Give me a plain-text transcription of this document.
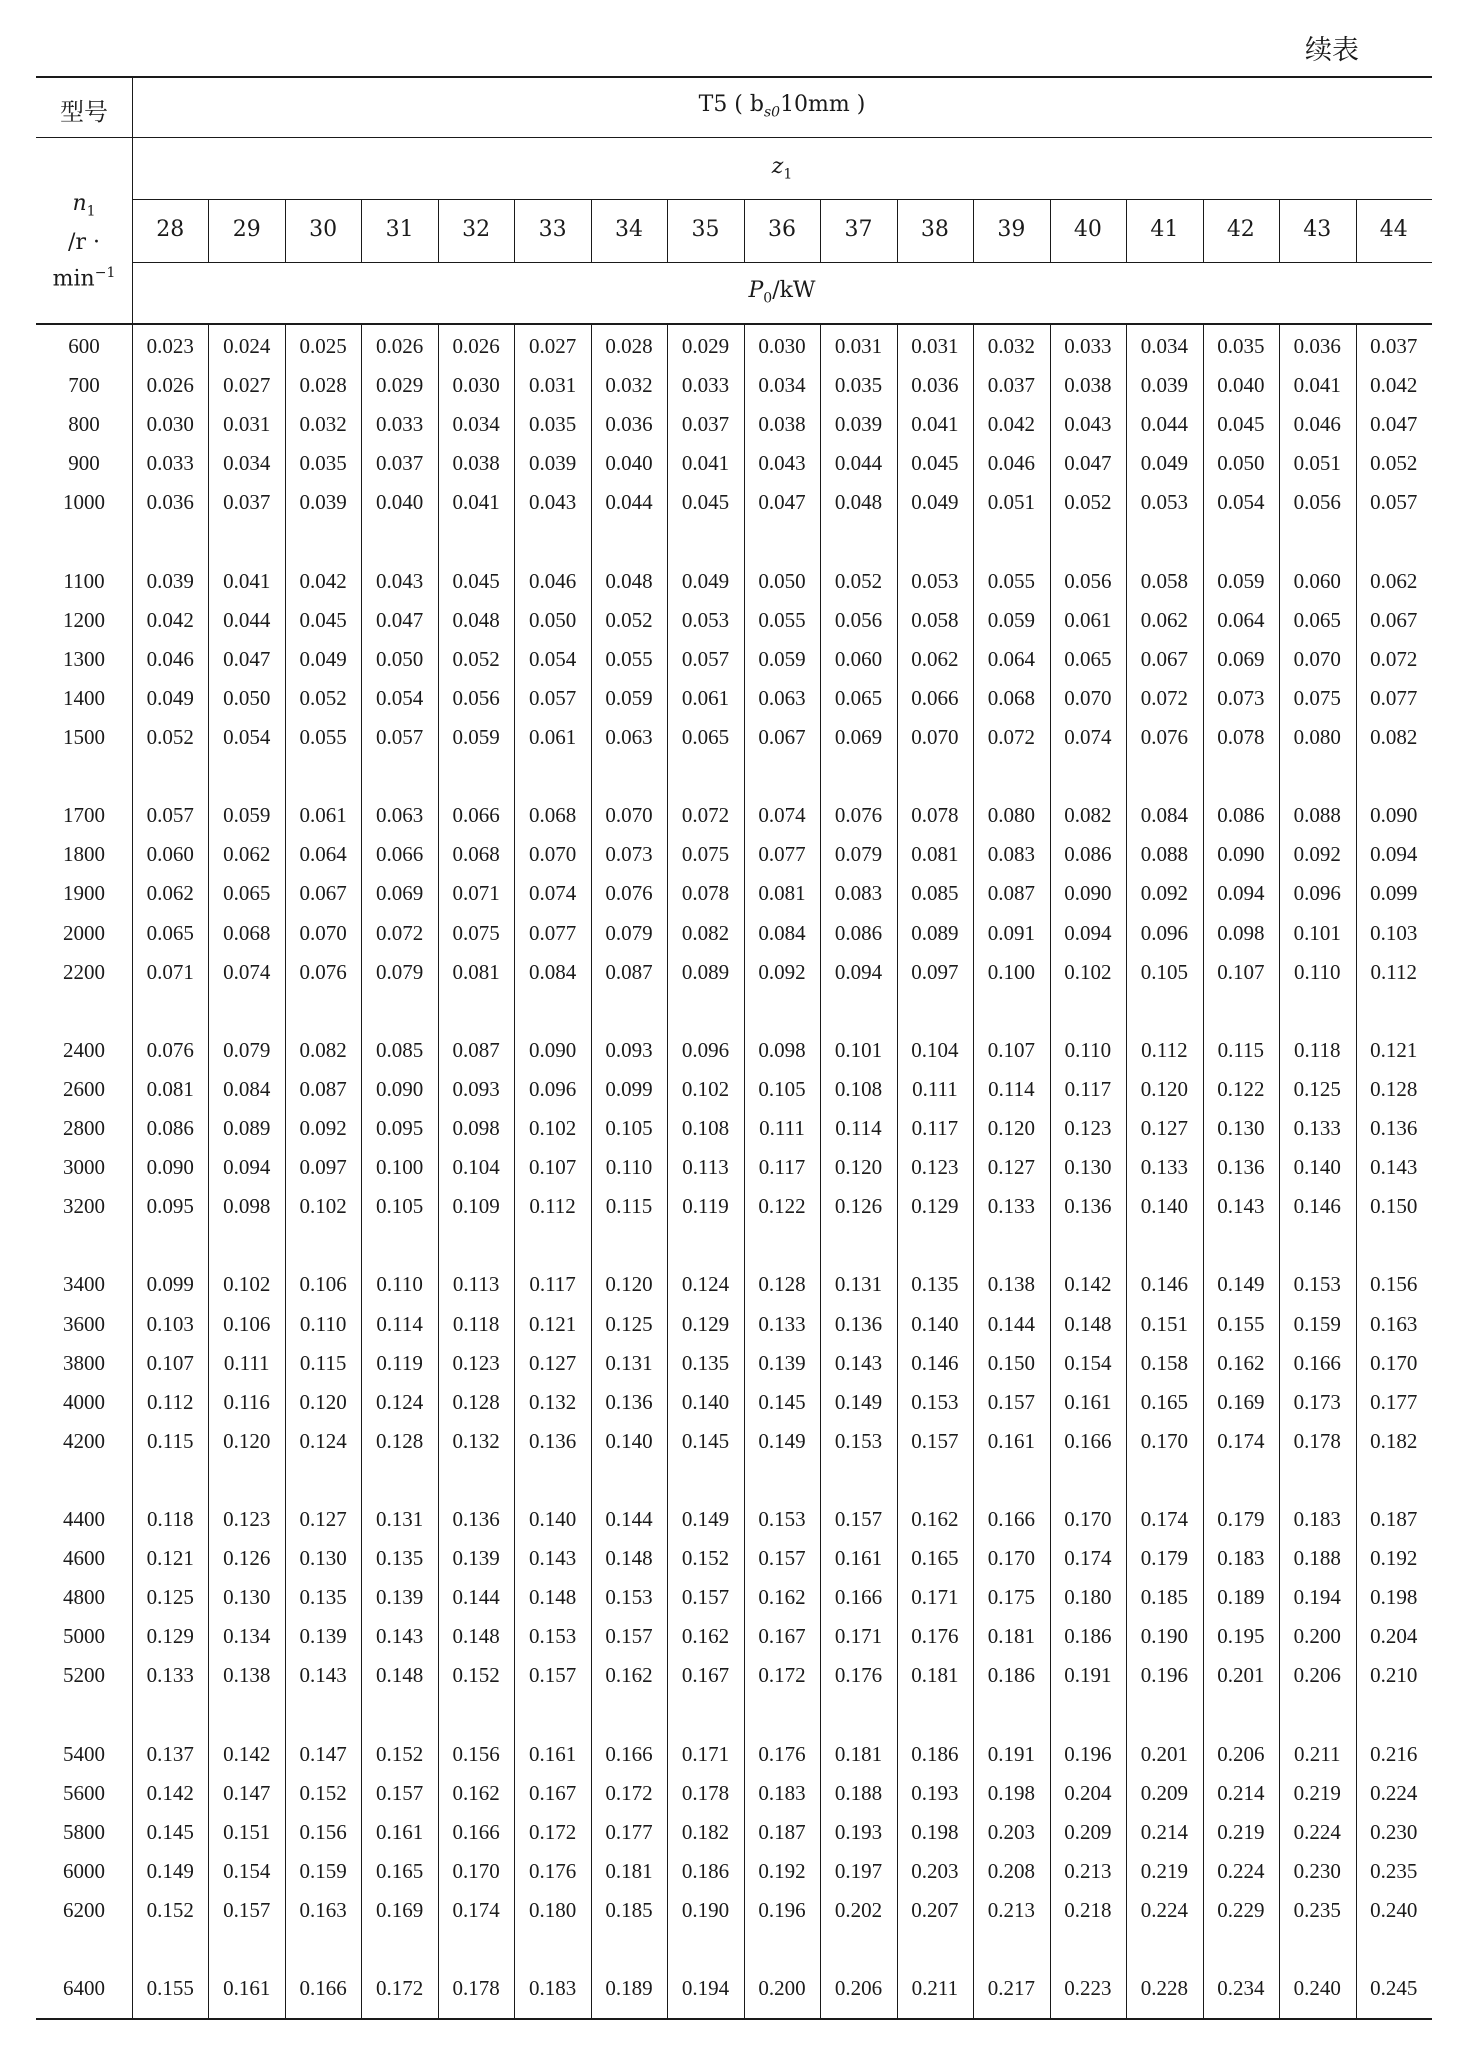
续表
型号	T5 ( $b_{s0}10mm$ )
$n_1$
/r ·
$\min^{-1}$
$z_1$
28	29	30	31	32	33	34	35	36	37	38	39	40	41	42	43	44
$P_0/kW$
600	0.023	0.024	0.025	0.026	0.026	0.027	0.028	0.029	0.030	0.031	0.031	0.032	0.033	0.034	0.035	0.036	0.037
700	0.026	0.027	0.028	0.029	0.030	0.031	0.032	0.033	0.034	0.035	0.036	0.037	0.038	0.039	0.040	0.041	0.042
800	0.030	0.031	0.032	0.033	0.034	0.035	0.036	0.037	0.038	0.039	0.041	0.042	0.043	0.044	0.045	0.046	0.047
900	0.033	0.034	0.035	0.037	0.038	0.039	0.040	0.041	0.043	0.044	0.045	0.046	0.047	0.049	0.050	0.051	0.052
1000	0.036	0.037	0.039	0.040	0.041	0.043	0.044	0.045	0.047	0.048	0.049	0.051	0.052	0.053	0.054	0.056	0.057
1100	0.039	0.041	0.042	0.043	0.045	0.046	0.048	0.049	0.050	0.052	0.053	0.055	0.056	0.058	0.059	0.060	0.062
1200	0.042	0.044	0.045	0.047	0.048	0.050	0.052	0.053	0.055	0.056	0.058	0.059	0.061	0.062	0.064	0.065	0.067
1300	0.046	0.047	0.049	0.050	0.052	0.054	0.055	0.057	0.059	0.060	0.062	0.064	0.065	0.067	0.069	0.070	0.072
1400	0.049	0.050	0.052	0.054	0.056	0.057	0.059	0.061	0.063	0.065	0.066	0.068	0.070	0.072	0.073	0.075	0.077
1500	0.052	0.054	0.055	0.057	0.059	0.061	0.063	0.065	0.067	0.069	0.070	0.072	0.074	0.076	0.078	0.080	0.082
1700	0.057	0.059	0.061	0.063	0.066	0.068	0.070	0.072	0.074	0.076	0.078	0.080	0.082	0.084	0.086	0.088	0.090
1800	0.060	0.062	0.064	0.066	0.068	0.070	0.073	0.075	0.077	0.079	0.081	0.083	0.086	0.088	0.090	0.092	0.094
1900	0.062	0.065	0.067	0.069	0.071	0.074	0.076	0.078	0.081	0.083	0.085	0.087	0.090	0.092	0.094	0.096	0.099
2000	0.065	0.068	0.070	0.072	0.075	0.077	0.079	0.082	0.084	0.086	0.089	0.091	0.094	0.096	0.098	0.101	0.103
2200	0.071	0.074	0.076	0.079	0.081	0.084	0.087	0.089	0.092	0.094	0.097	0.100	0.102	0.105	0.107	0.110	0.112
2400	0.076	0.079	0.082	0.085	0.087	0.090	0.093	0.096	0.098	0.101	0.104	0.107	0.110	0.112	0.115	0.118	0.121
2600	0.081	0.084	0.087	0.090	0.093	0.096	0.099	0.102	0.105	0.108	0.111	0.114	0.117	0.120	0.122	0.125	0.128
2800	0.086	0.089	0.092	0.095	0.098	0.102	0.105	0.108	0.111	0.114	0.117	0.120	0.123	0.127	0.130	0.133	0.136
3000	0.090	0.094	0.097	0.100	0.104	0.107	0.110	0.113	0.117	0.120	0.123	0.127	0.130	0.133	0.136	0.140	0.143
3200	0.095	0.098	0.102	0.105	0.109	0.112	0.115	0.119	0.122	0.126	0.129	0.133	0.136	0.140	0.143	0.146	0.150
3400	0.099	0.102	0.106	0.110	0.113	0.117	0.120	0.124	0.128	0.131	0.135	0.138	0.142	0.146	0.149	0.153	0.156
3600	0.103	0.106	0.110	0.114	0.118	0.121	0.125	0.129	0.133	0.136	0.140	0.144	0.148	0.151	0.155	0.159	0.163
3800	0.107	0.111	0.115	0.119	0.123	0.127	0.131	0.135	0.139	0.143	0.146	0.150	0.154	0.158	0.162	0.166	0.170
4000	0.112	0.116	0.120	0.124	0.128	0.132	0.136	0.140	0.145	0.149	0.153	0.157	0.161	0.165	0.169	0.173	0.177
4200	0.115	0.120	0.124	0.128	0.132	0.136	0.140	0.145	0.149	0.153	0.157	0.161	0.166	0.170	0.174	0.178	0.182
4400	0.118	0.123	0.127	0.131	0.136	0.140	0.144	0.149	0.153	0.157	0.162	0.166	0.170	0.174	0.179	0.183	0.187
4600	0.121	0.126	0.130	0.135	0.139	0.143	0.148	0.152	0.157	0.161	0.165	0.170	0.174	0.179	0.183	0.188	0.192
4800	0.125	0.130	0.135	0.139	0.144	0.148	0.153	0.157	0.162	0.166	0.171	0.175	0.180	0.185	0.189	0.194	0.198
5000	0.129	0.134	0.139	0.143	0.148	0.153	0.157	0.162	0.167	0.171	0.176	0.181	0.186	0.190	0.195	0.200	0.204
5200	0.133	0.138	0.143	0.148	0.152	0.157	0.162	0.167	0.172	0.176	0.181	0.186	0.191	0.196	0.201	0.206	0.210
5400	0.137	0.142	0.147	0.152	0.156	0.161	0.166	0.171	0.176	0.181	0.186	0.191	0.196	0.201	0.206	0.211	0.216
5600	0.142	0.147	0.152	0.157	0.162	0.167	0.172	0.178	0.183	0.188	0.193	0.198	0.204	0.209	0.214	0.219	0.224
5800	0.145	0.151	0.156	0.161	0.166	0.172	0.177	0.182	0.187	0.193	0.198	0.203	0.209	0.214	0.219	0.224	0.230
6000	0.149	0.154	0.159	0.165	0.170	0.176	0.181	0.186	0.192	0.197	0.203	0.208	0.213	0.219	0.224	0.230	0.235
6200	0.152	0.157	0.163	0.169	0.174	0.180	0.185	0.190	0.196	0.202	0.207	0.213	0.218	0.224	0.229	0.235	0.240
6400	0.155	0.161	0.166	0.172	0.178	0.183	0.189	0.194	0.200	0.206	0.211	0.217	0.223	0.228	0.234	0.240	0.245
